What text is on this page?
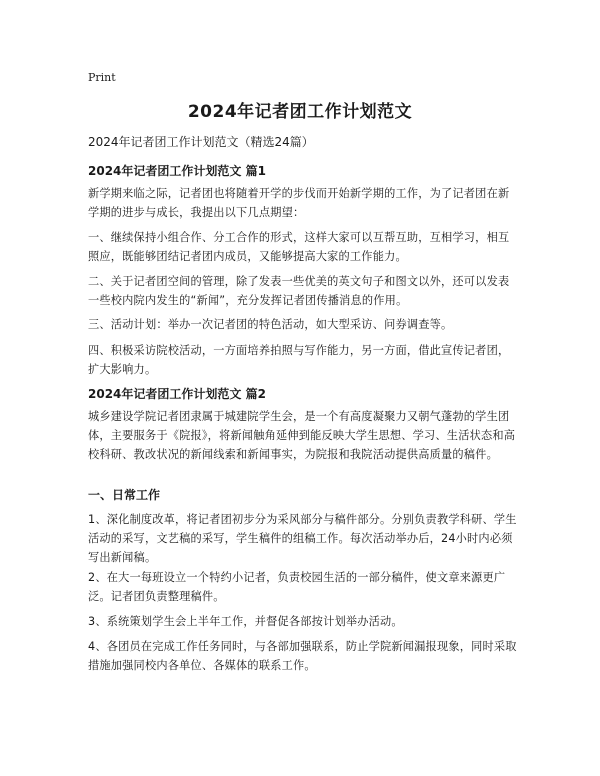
Print
2024年记者团工作计划范文
2024年记者团工作计划范文（精选24篇）
2024年记者团工作计划范文 篇1

新学期来临之际，记者团也将随着开学的步伐而开始新学期的工作，为了记者团在新学期的进步与成长，我提出以下几点期望：

一、继续保持小组合作、分工合作的形式，这样大家可以互帮互助，互相学习，相互照应，既能够团结记者团内成员，又能够提高大家的工作能力。

二、关于记者团空间的管理，除了发表一些优美的英文句子和图文以外，还可以发表一些校内院内发生的“新闻”，充分发挥记者团传播消息的作用。

三、活动计划：举办一次记者团的特色活动，如大型采访、问券调查等。

四、积极采访院校活动，一方面培养拍照与写作能力，另一方面，借此宣传记者团，扩大影响力。

2024年记者团工作计划范文 篇2

城乡建设学院记者团隶属于城建院学生会，是一个有高度凝聚力又朝气蓬勃的学生团体，主要服务于《院报》，将新闻触角延伸到能反映大学生思想、学习、生活状态和高校科研、教改状况的新闻线索和新闻事实，为院报和我院活动提供高质量的稿件。

一、日常工作

1、深化制度改革，将记者团初步分为采风部分与稿件部分。分别负责教学科研、学生活动的采写，文艺稿的采写，学生稿件的组稿工作。每次活动举办后，24小时内必须写出新闻稿。

2、在大一每班设立一个特约小记者，负责校园生活的一部分稿件，使文章来源更广泛。记者团负责整理稿件。

3、系统策划学生会上半年工作，并督促各部按计划举办活动。

4、各团员在完成工作任务同时，与各部加强联系，防止学院新闻漏报现象，同时采取措施加强同校内各单位、各媒体的联系工作。
